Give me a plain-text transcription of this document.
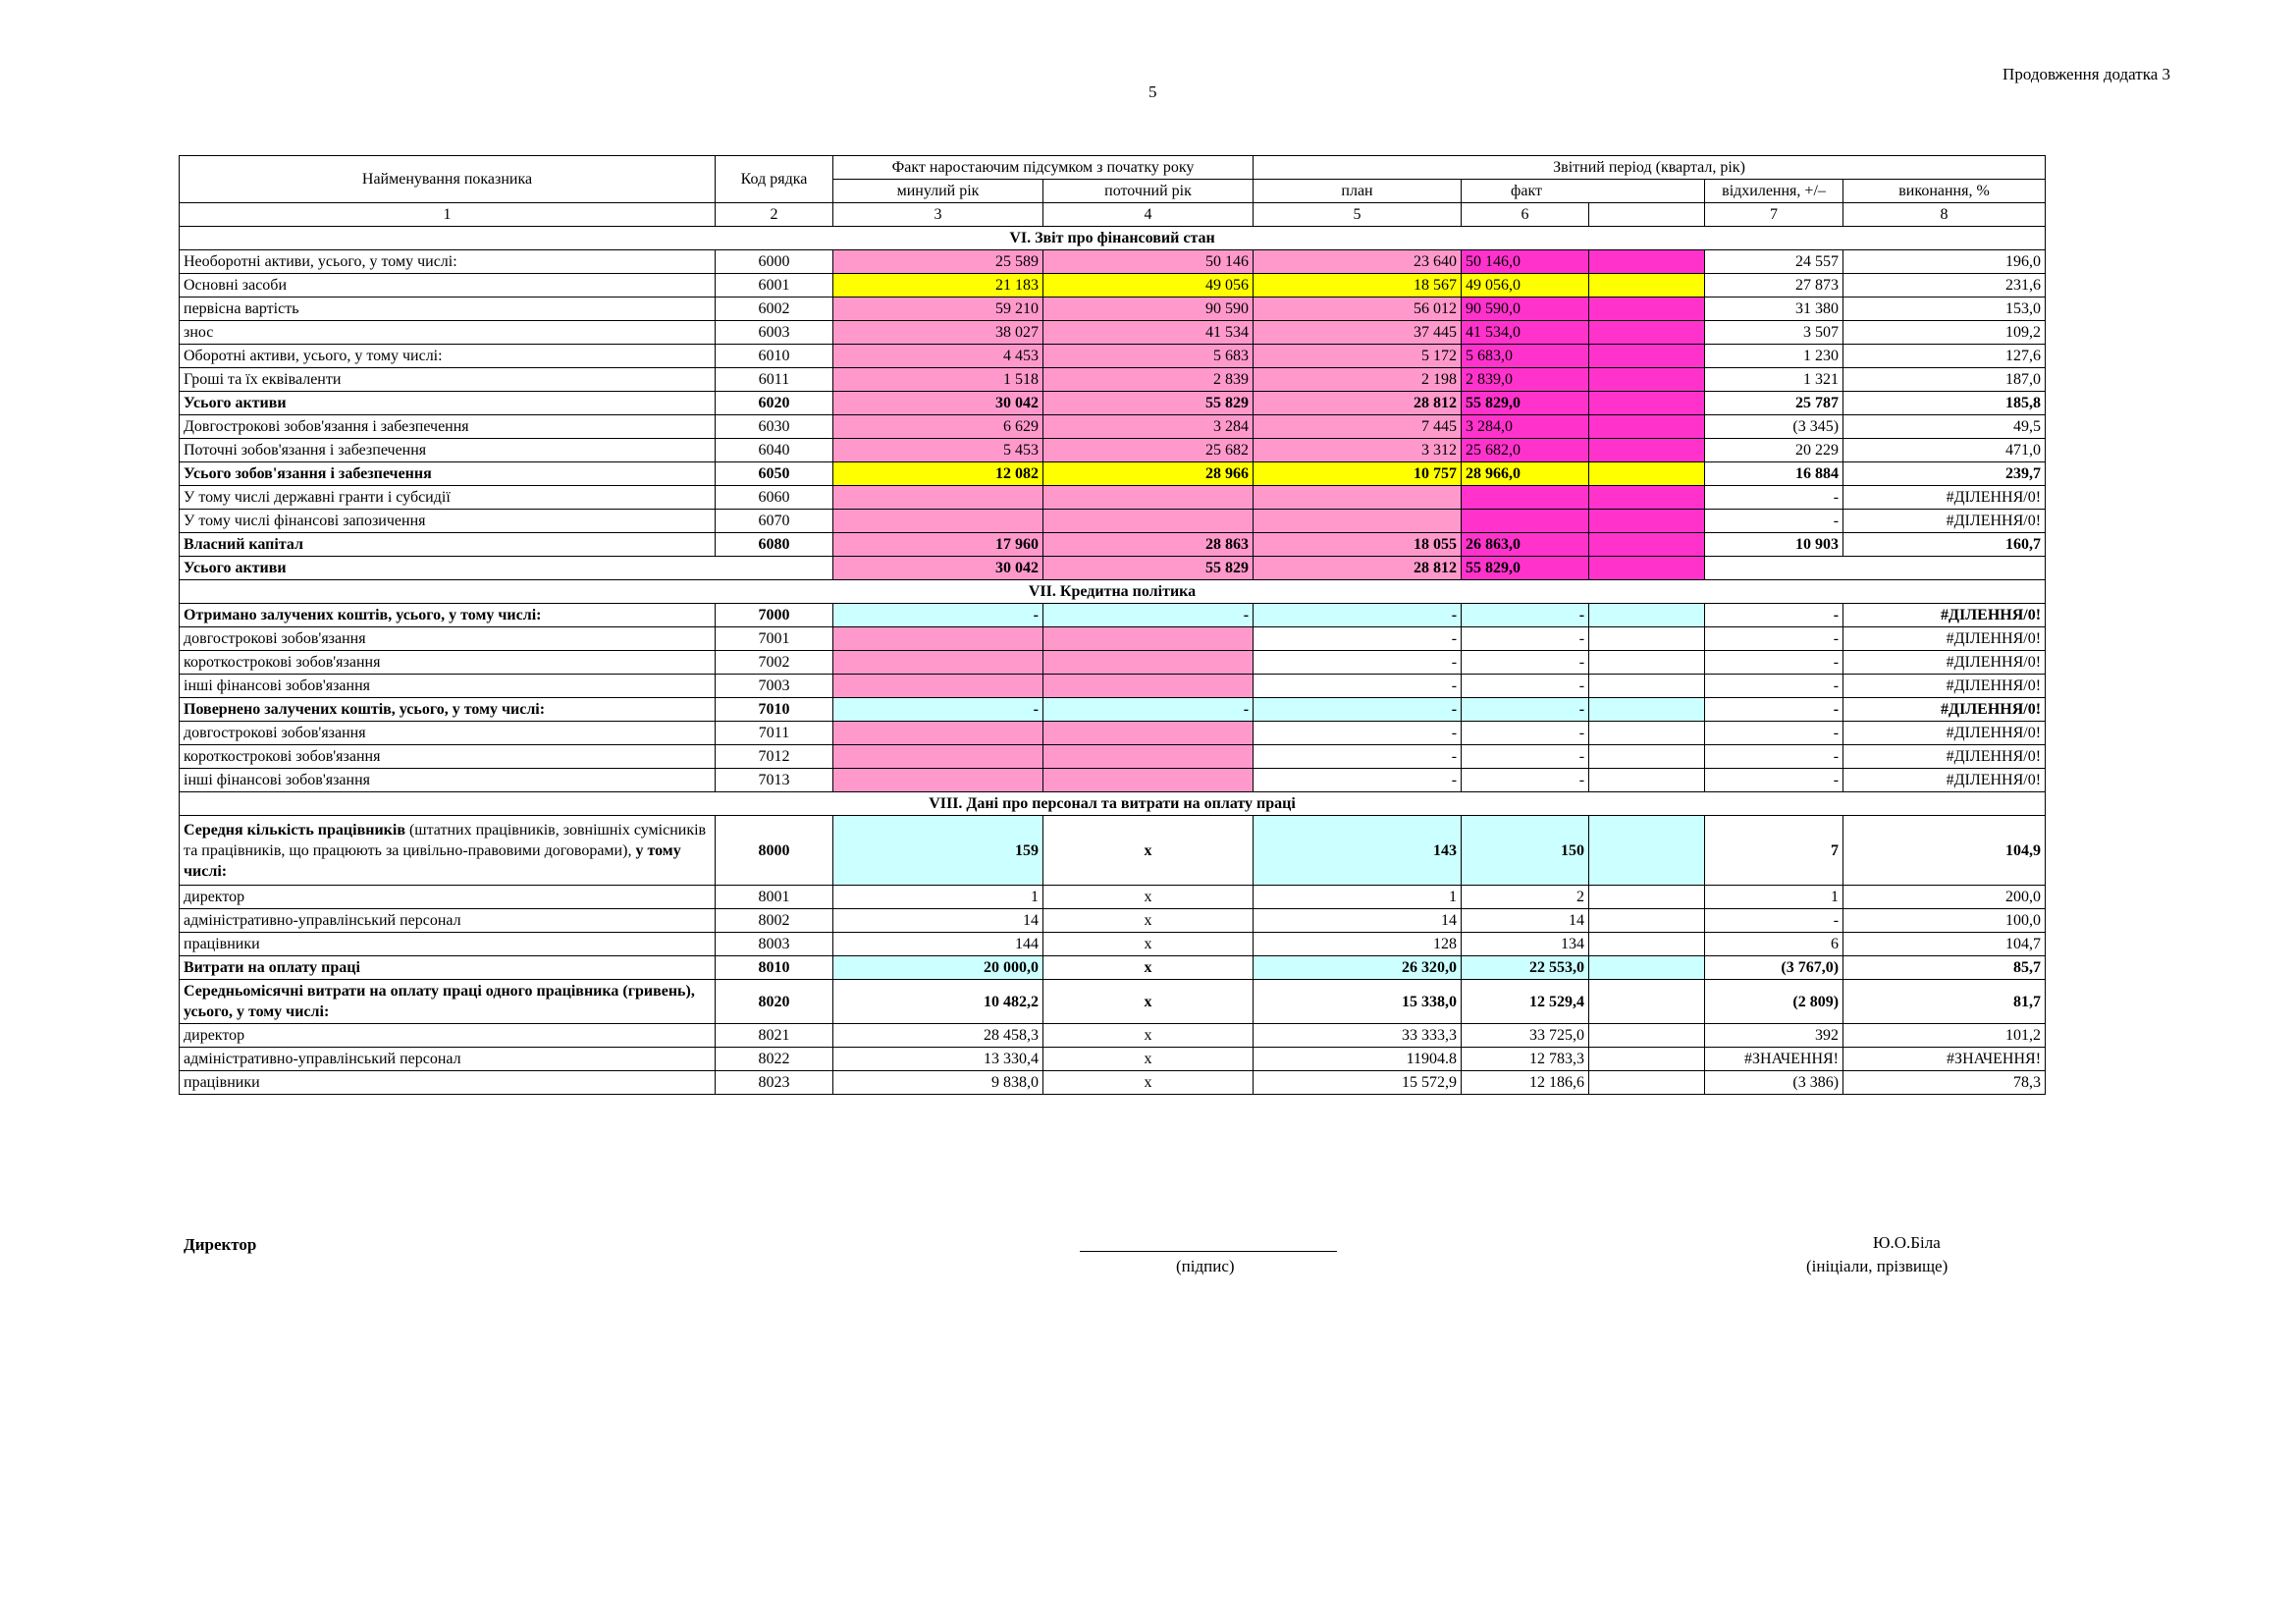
5
Продовження додатка 3
Найменування показника	Код рядка	Факт наростаючим підсумком з початку року		Звітний період (квартал, рік)				
		минулий рік	поточний рік	план	факт		відхилення, +/–	виконання, %
1	2	3	4	5	6		7	8
VI. Звіт про фінансовий стан								
Необоротні активи, усього, у тому числі:	6000	25 589	50 146	23 640	50 146,0		24 557	196,0
Основні засоби	6001	21 183	49 056	18 567	49 056,0		27 873	231,6
первісна вартість	6002	59 210	90 590	56 012	90 590,0		31 380	153,0
знос	6003	38 027	41 534	37 445	41 534,0		3 507	109,2
Оборотні активи, усього, у тому числі:	6010	4 453	5 683	5 172	5 683,0		1 230	127,6
Гроші та їх еквіваленти	6011	1 518	2 839	2 198	2 839,0		1 321	187,0
Усього активи	6020	30 042	55 829	28 812	55 829,0		25 787	185,8
Довгострокові зобов'язання і забезпечення	6030	6 629	3 284	7 445	3 284,0		(3 345)	49,5
Поточні зобов'язання і забезпечення	6040	5 453	25 682	3 312	25 682,0		20 229	471,0
Усього зобов'язання і забезпечення	6050	12 082	28 966	10 757	28 966,0		16 884	239,7
У тому числі державні гранти і субсидії	6060						-	#ДІЛЕННЯ/0!
У тому числі фінансові запозичення	6070						-	#ДІЛЕННЯ/0!
Власний капітал	6080	17 960	28 863	18 055	26 863,0		10 903	160,7
Усього активи		30 042	55 829	28 812	55 829,0			
VII. Кредитна політика								
Отримано залучених коштів, усього, у тому числі:	7000	-	-	-	-		-	#ДІЛЕННЯ/0!
довгострокові зобов'язання	7001			-	-		-	#ДІЛЕННЯ/0!
короткострокові зобов'язання	7002			-	-		-	#ДІЛЕННЯ/0!
інші фінансові зобов'язання	7003			-	-		-	#ДІЛЕННЯ/0!
Повернено залучених коштів, усього, у тому числі:	7010	-	-	-	-		-	#ДІЛЕННЯ/0!
довгострокові зобов'язання	7011			-	-		-	#ДІЛЕННЯ/0!
короткострокові зобов'язання	7012			-	-		-	#ДІЛЕННЯ/0!
інші фінансові зобов'язання	7013			-	-		-	#ДІЛЕННЯ/0!
VIII. Дані про персонал та витрати на оплату праці								
Середня кількість працівників (штатних працівників, зовнішніх сумісників та працівників, що працюють за цивільно-правовими договорами), у тому числі:	8000	159	x	143	150		7	104,9
директор	8001	1	x	1	2		1	200,0
адміністративно-управлінський персонал	8002	14	x	14	14		-	100,0
працівники	8003	144	x	128	134		6	104,7
Витрати на оплату праці	8010	20 000,0	x	26 320,0	22 553,0		(3 767,0)	85,7
Середньомісячні витрати на оплату праці одного працівника (гривень), усього, у тому числі:	8020	10 482,2	x	15 338,0	12 529,4		(2 809)	81,7
директор	8021	28 458,3	x	33 333,3	33 725,0		392	101,2
адміністративно-управлінський персонал	8022	13 330,4	x	11904.8	12 783,3		#ЗНАЧЕННЯ!	#ЗНАЧЕННЯ!
працівники	8023	9 838,0	x	15 572,9	12 186,6		(3 386)	78,3
Директор
(підпис)
Ю.О.Біла
(ініціали, прізвище)
